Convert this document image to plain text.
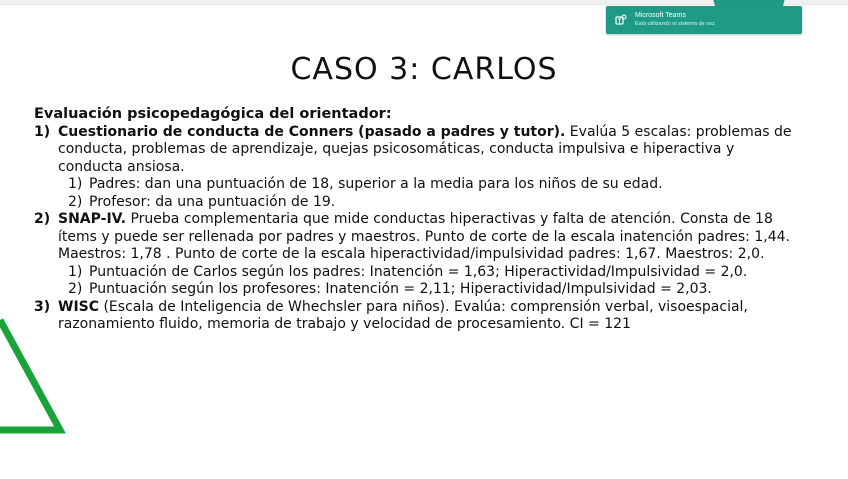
Microsoft Teams
Está utilizando el sistema de voz
CASO 3: CARLOS
Evaluación psicopedagógica del orientador:
1) Cuestionario de conducta de Conners (pasado a padres y tutor). Evalúa 5 escalas: problemas de conducta, problemas de aprendizaje, quejas psicosomáticas, conducta impulsiva e hiperactiva y conducta ansiosa.
1) Padres: dan una puntuación de 18, superior a la media para los niños de su edad.
2) Profesor: da una puntuación de 19.
2) SNAP-IV. Prueba complementaria que mide conductas hiperactivas y falta de atención. Consta de 18 ítems y puede ser rellenada por padres y maestros. Punto de corte de la escala inatención padres: 1,44. Maestros: 1,78 . Punto de corte de la escala hiperactividad/impulsividad padres: 1,67. Maestros: 2,0.
1) Puntuación de Carlos según los padres: Inatención = 1,63; Hiperactividad/Impulsividad = 2,0.
2) Puntuación según los profesores: Inatención = 2,11; Hiperactividad/Impulsividad = 2,03.
3) WISC (Escala de Inteligencia de Whechsler para niños). Evalúa: comprensión verbal, visoespacial, razonamiento fluido, memoria de trabajo y velocidad de procesamiento. CI = 121
